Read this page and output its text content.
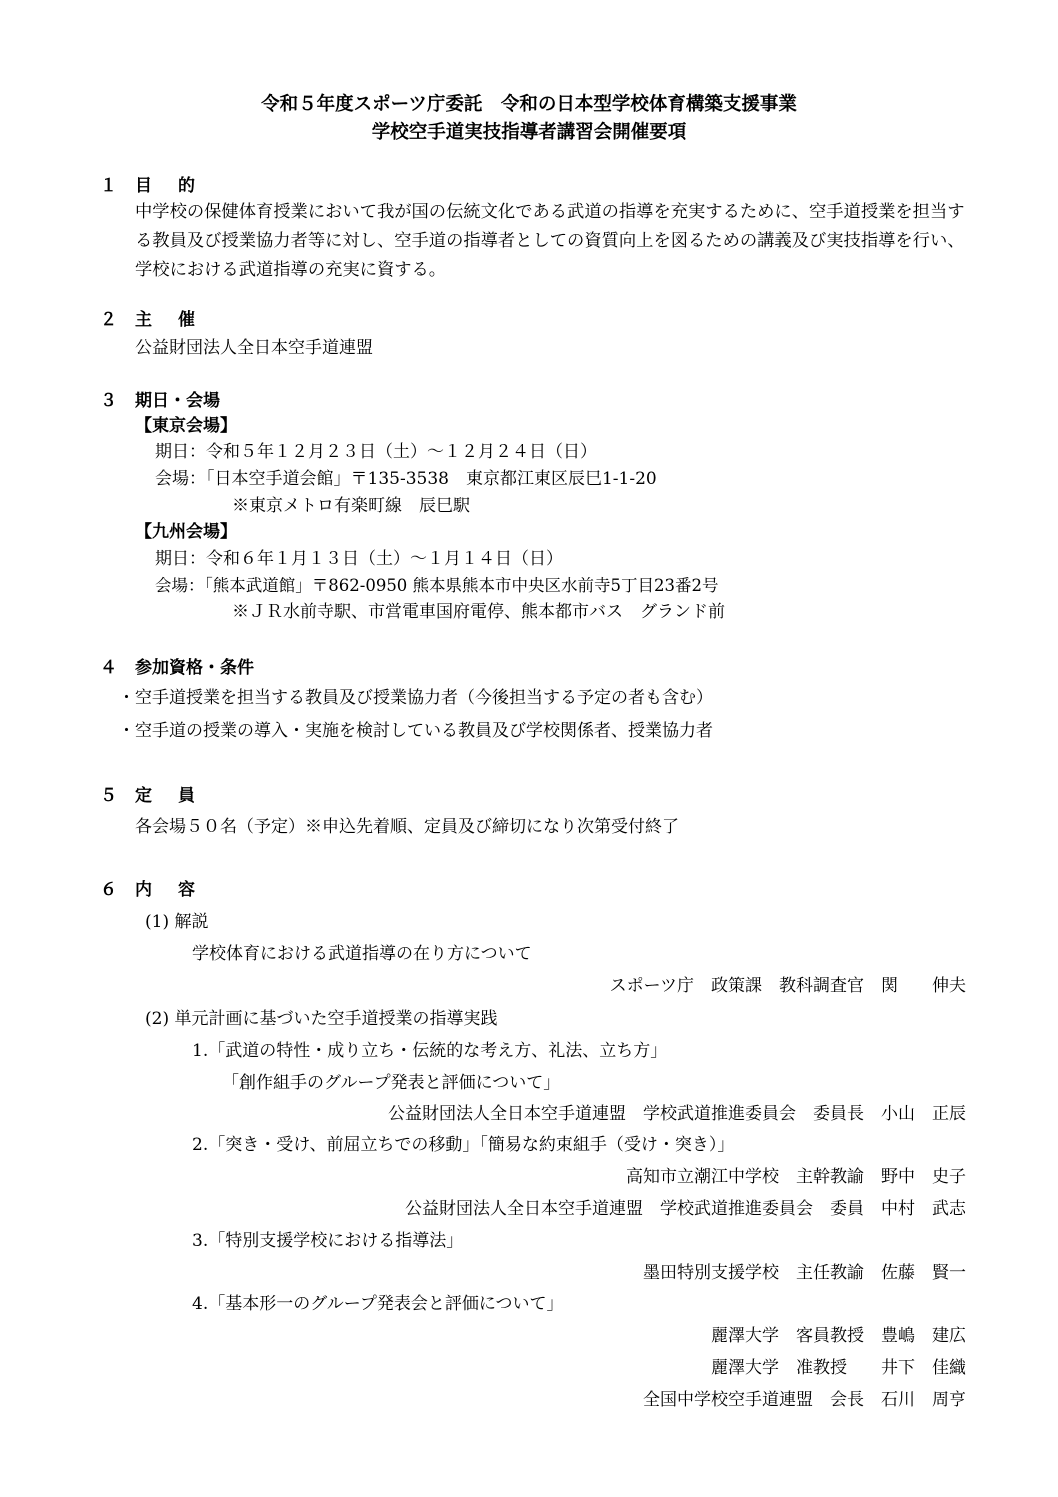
令和５年度スポーツ庁委託　令和の日本型学校体育構築支援事業
学校空手道実技指導者講習会開催要項
１ 目的
中学校の保健体育授業において我が国の伝統文化である武道の指導を充実するために、空手道授業を担当する教員及び授業協力者等に対し、空手道の指導者としての資質向上を図るための講義及び実技指導を行い、学校における武道指導の充実に資する。
２ 主催
公益財団法人全日本空手道連盟
３ 期日・会場
【東京会場】
期日：令和５年１２月２３日（土）～１２月２４日（日）
会場：「日本空手道会館」〒135-3538　東京都江東区辰巳1-1-20
※東京メトロ有楽町線　辰巳駅
【九州会場】
期日：令和６年１月１３日（土）～１月１４日（日）
会場：「熊本武道館」〒862-0950 熊本県熊本市中央区水前寺5丁目23番2号
※ＪＲ水前寺駅、市営電車国府電停、熊本都市バス　グランド前
４ 参加資格・条件
・空手道授業を担当する教員及び授業協力者（今後担当する予定の者も含む）
・空手道の授業の導入・実施を検討している教員及び学校関係者、授業協力者
５ 定員
各会場５０名（予定）※申込先着順、定員及び締切になり次第受付終了
６ 内容
(1) 解説
学校体育における武道指導の在り方について
スポーツ庁　政策課　教科調査官　関　　伸夫
(2) 単元計画に基づいた空手道授業の指導実践
1.「武道の特性・成り立ち・伝統的な考え方、礼法、立ち方」
「創作組手のグループ発表と評価について」
公益財団法人全日本空手道連盟　学校武道推進委員会　委員長　小山　正辰
2.「突き・受け、前屈立ちでの移動」「簡易な約束組手（受け・突き）」
高知市立潮江中学校　主幹教諭　野中　史子
公益財団法人全日本空手道連盟　学校武道推進委員会　委員　中村　武志
3.「特別支援学校における指導法」
墨田特別支援学校　主任教諭　佐藤　賢一
4.「基本形一のグループ発表会と評価について」
麗澤大学　客員教授　豊嶋　建広
麗澤大学　准教授　　井下　佳織
全国中学校空手道連盟　会長　石川　周亨
